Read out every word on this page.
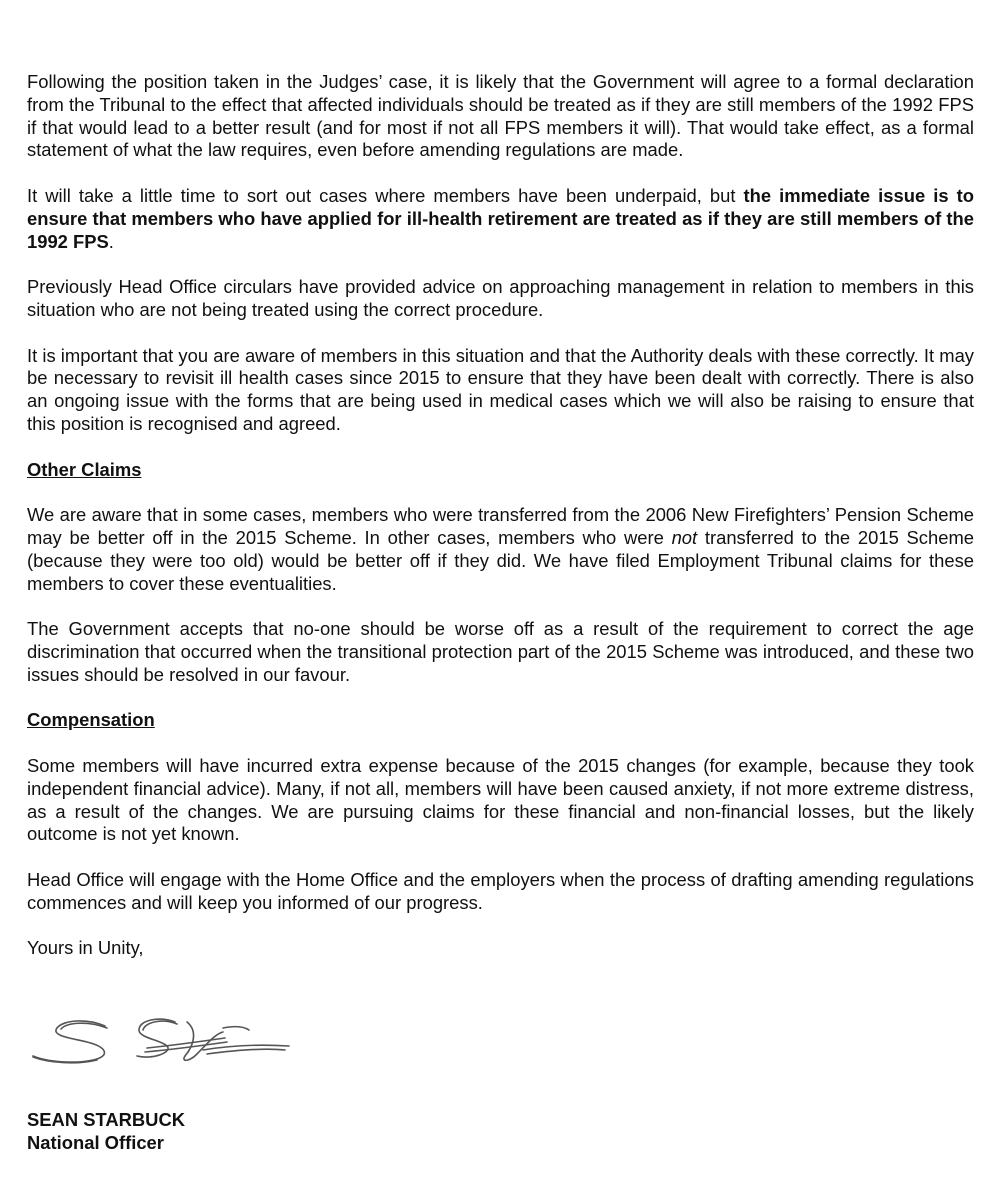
Following the position taken in the Judges’ case, it is likely that the Government will agree to a formal declaration from the Tribunal to the effect that affected individuals should be treated as if they are still members of the 1992 FPS if that would lead to a better result (and for most if not all FPS members it will). That would take effect, as a formal statement of what the law requires, even before amending regulations are made.

It will take a little time to sort out cases where members have been underpaid, but the immediate issue is to ensure that members who have applied for ill-health retirement are treated as if they are still members of the 1992 FPS.

Previously Head Office circulars have provided advice on approaching management in relation to members in this situation who are not being treated using the correct procedure.

It is important that you are aware of members in this situation and that the Authority deals with these correctly. It may be necessary to revisit ill health cases since 2015 to ensure that they have been dealt with correctly. There is also an ongoing issue with the forms that are being used in medical cases which we will also be raising to ensure that this position is recognised and agreed.

Other Claims

We are aware that in some cases, members who were transferred from the 2006 New Firefighters’ Pension Scheme may be better off in the 2015 Scheme. In other cases, members who were not transferred to the 2015 Scheme (because they were too old) would be better off if they did. We have filed Employment Tribunal claims for these members to cover these eventualities.

The Government accepts that no-one should be worse off as a result of the requirement to correct the age discrimination that occurred when the transitional protection part of the 2015 Scheme was introduced, and these two issues should be resolved in our favour.

Compensation

Some members will have incurred extra expense because of the 2015 changes (for example, because they took independent financial advice). Many, if not all, members will have been caused anxiety, if not more extreme distress, as a result of the changes. We are pursuing claims for these financial and non-financial losses, but the likely outcome is not yet known.

Head Office will engage with the Home Office and the employers when the process of drafting amending regulations commences and will keep you informed of our progress.

Yours in Unity,

SEAN STARBUCK
National Officer
